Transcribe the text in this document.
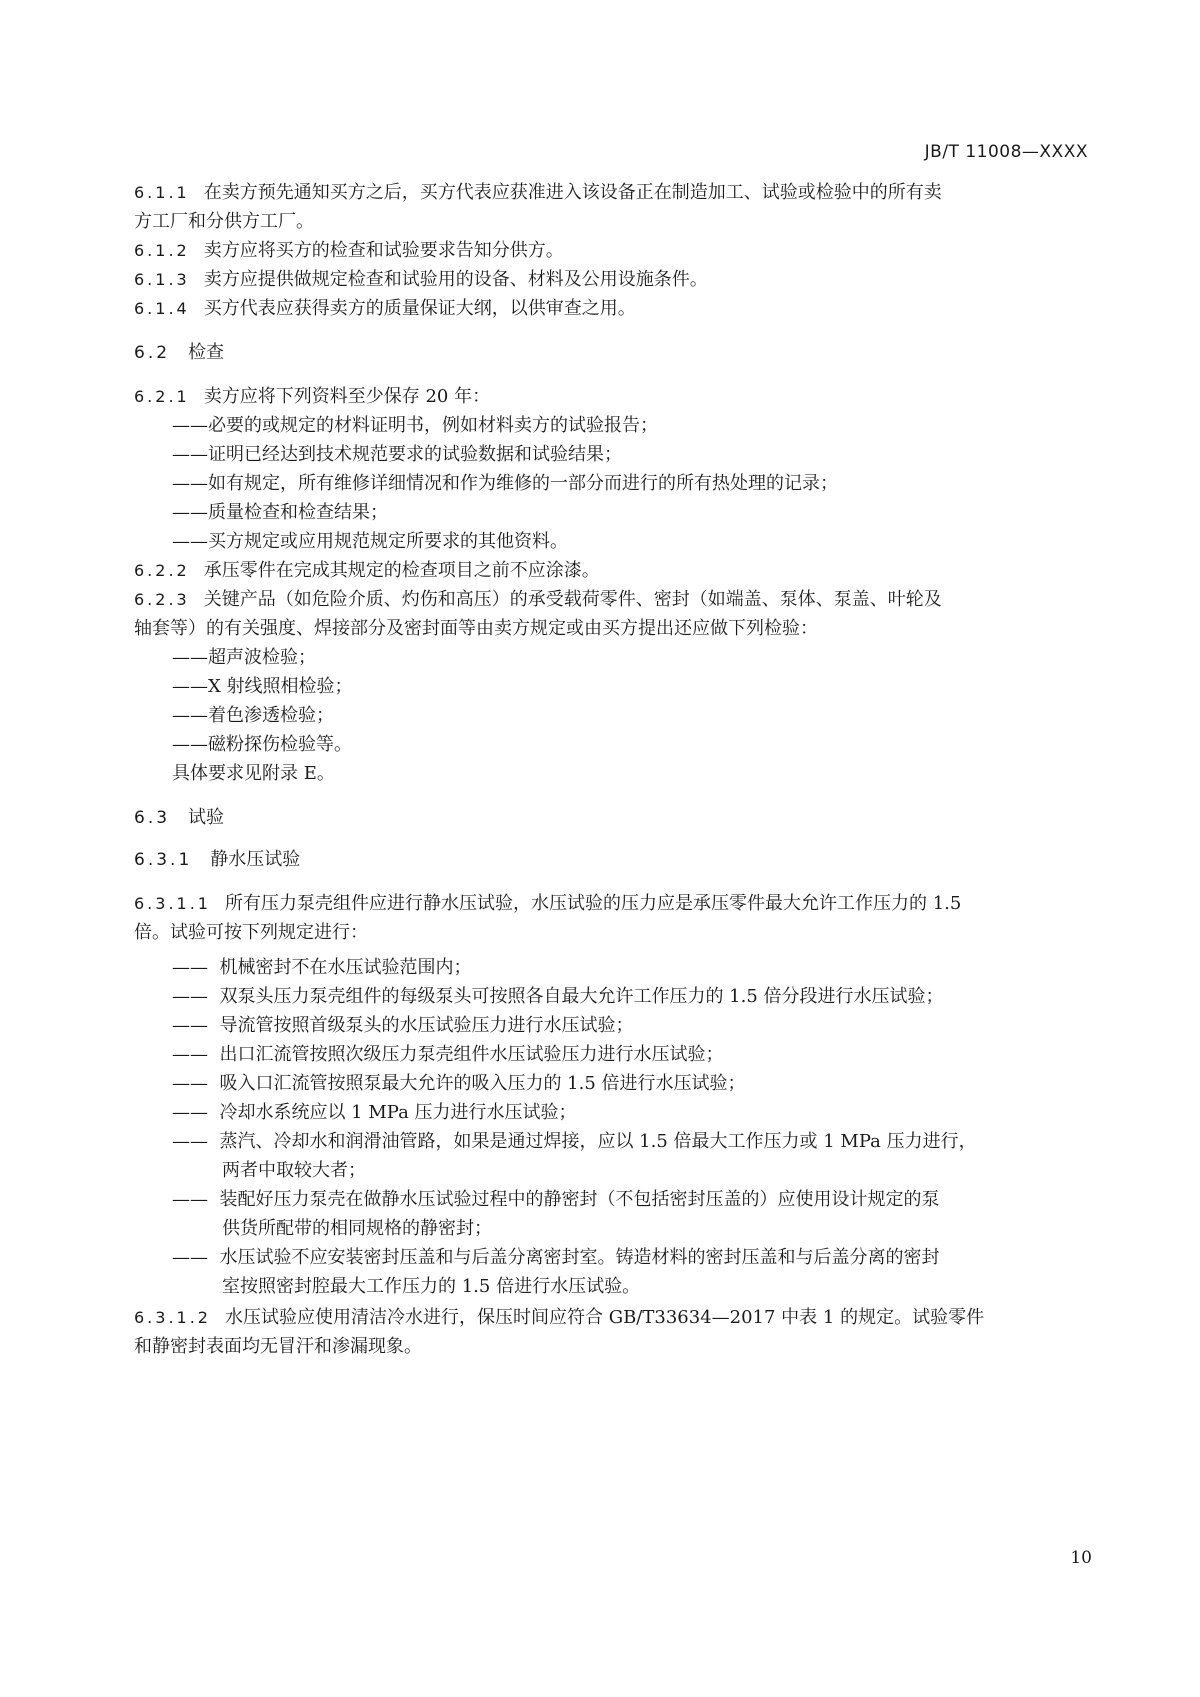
JB/T 11008—XXXX
6.1.1 在卖方预先通知买方之后，买方代表应获准进入该设备正在制造加工、试验或检验中的所有卖
方工厂和分供方工厂。
6.1.2 卖方应将买方的检查和试验要求告知分供方。
6.1.3 卖方应提供做规定检查和试验用的设备、材料及公用设施条件。
6.1.4 买方代表应获得卖方的质量保证大纲，以供审查之用。
6.2 检查
6.2.1 卖方应将下列资料至少保存 20 年：
——必要的或规定的材料证明书，例如材料卖方的试验报告；
——证明已经达到技术规范要求的试验数据和试验结果；
——如有规定，所有维修详细情况和作为维修的一部分而进行的所有热处理的记录；
——质量检查和检查结果；
——买方规定或应用规范规定所要求的其他资料。
6.2.2 承压零件在完成其规定的检查项目之前不应涂漆。
6.2.3 关键产品（如危险介质、灼伤和高压）的承受载荷零件、密封（如端盖、泵体、泵盖、叶轮及
轴套等）的有关强度、焊接部分及密封面等由卖方规定或由买方提出还应做下列检验：
——超声波检验；
——X 射线照相检验；
——着色渗透检验；
——磁粉探伤检验等。
具体要求见附录 E。
6.3 试验
6.3.1 静水压试验
6.3.1.1 所有压力泵壳组件应进行静水压试验，水压试验的压力应是承压零件最大允许工作压力的 1.5
倍。试验可按下列规定进行：
—— 机械密封不在水压试验范围内；
—— 双泵头压力泵壳组件的每级泵头可按照各自最大允许工作压力的 1.5 倍分段进行水压试验；
—— 导流管按照首级泵头的水压试验压力进行水压试验；
—— 出口汇流管按照次级压力泵壳组件水压试验压力进行水压试验；
—— 吸入口汇流管按照泵最大允许的吸入压力的 1.5 倍进行水压试验；
—— 冷却水系统应以 1 MPa 压力进行水压试验；
—— 蒸汽、冷却水和润滑油管路，如果是通过焊接，应以 1.5 倍最大工作压力或 1 MPa 压力进行，
两者中取较大者；
—— 装配好压力泵壳在做静水压试验过程中的静密封（不包括密封压盖的）应使用设计规定的泵
供货所配带的相同规格的静密封；
—— 水压试验不应安装密封压盖和与后盖分离密封室。铸造材料的密封压盖和与后盖分离的密封
室按照密封腔最大工作压力的 1.5 倍进行水压试验。
6.3.1.2 水压试验应使用清洁冷水进行，保压时间应符合 GB/T33634—2017 中表 1 的规定。试验零件
和静密封表面均无冒汗和渗漏现象。
10
